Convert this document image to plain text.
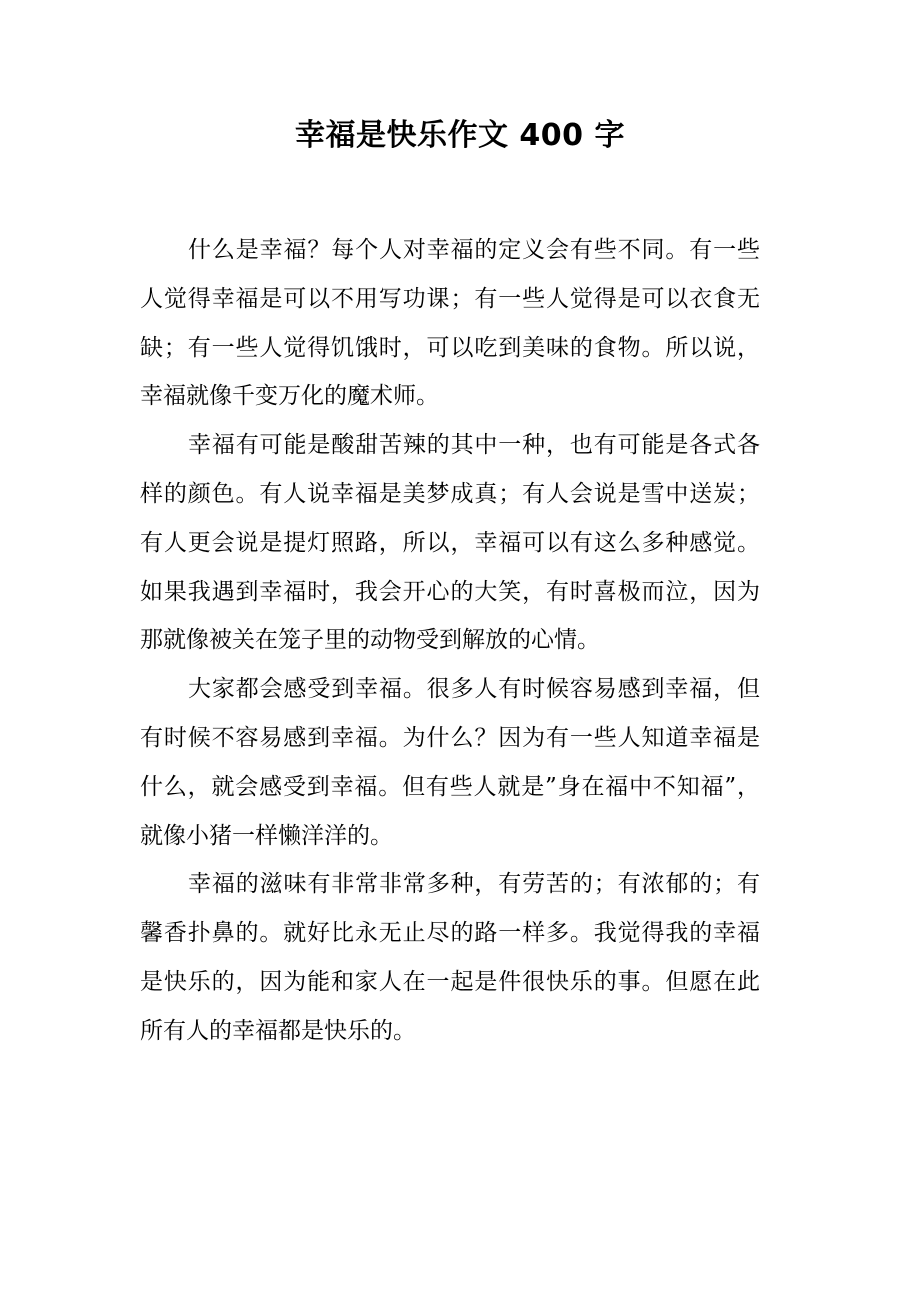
幸福是快乐作文 400 字

什么是幸福？每个人对幸福的定义会有些不同。有一些人觉得幸福是可以不用写功课；有一些人觉得是可以衣食无缺；有一些人觉得饥饿时，可以吃到美味的食物。所以说，幸福就像千变万化的魔术师。

幸福有可能是酸甜苦辣的其中一种，也有可能是各式各样的颜色。有人说幸福是美梦成真；有人会说是雪中送炭；有人更会说是提灯照路，所以，幸福可以有这么多种感觉。如果我遇到幸福时，我会开心的大笑，有时喜极而泣，因为那就像被关在笼子里的动物受到解放的心情。

大家都会感受到幸福。很多人有时候容易感到幸福，但有时候不容易感到幸福。为什么？因为有一些人知道幸福是什么，就会感受到幸福。但有些人就是”身在福中不知福”，就像小猪一样懒洋洋的。

幸福的滋味有非常非常多种，有劳苦的；有浓郁的；有馨香扑鼻的。就好比永无止尽的路一样多。我觉得我的幸福是快乐的，因为能和家人在一起是件很快乐的事。但愿在此所有人的幸福都是快乐的。
